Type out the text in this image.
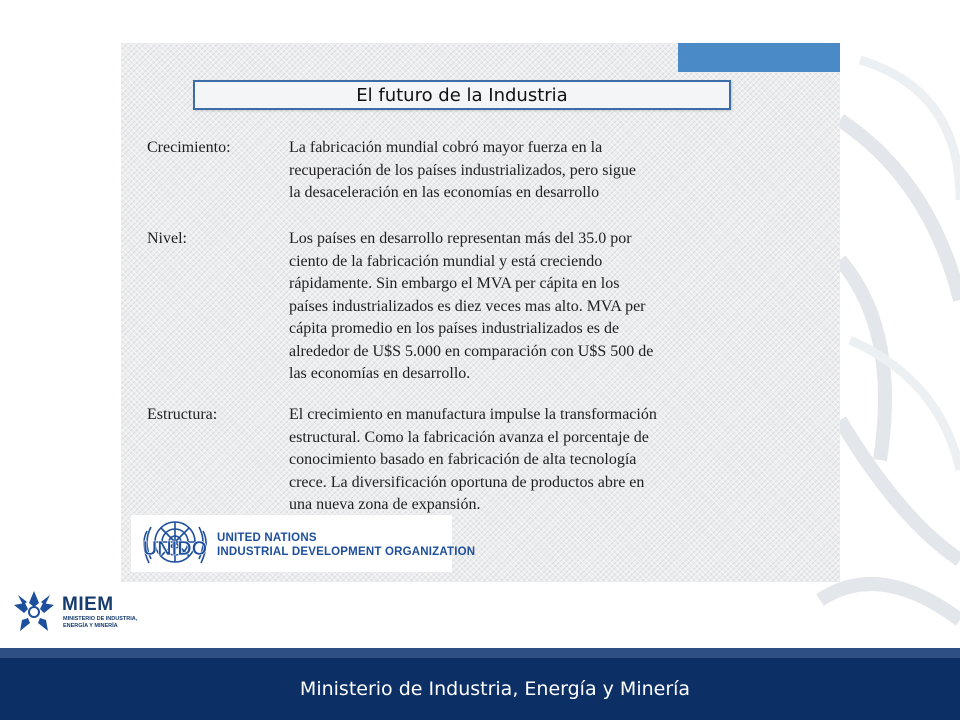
El futuro de la Industria
Crecimiento:	La fabricación mundial cobró mayor fuerza en la
recuperación de los países industrializados, pero sigue
la desaceleración en las economías en desarrollo
Nivel:	Los países en desarrollo representan más del 35.0 por
ciento de la fabricación mundial y está creciendo
rápidamente. Sin embargo el MVA per cápita en los
países industrializados es diez veces mas alto. MVA per
cápita promedio en los países industrializados es de
alrededor de U$S 5.000 en comparación con U$S 500 de
las economías en desarrollo.
Estructura:	El crecimiento en manufactura impulse la transformación
estructural. Como la fabricación avanza el porcentaje de
conocimiento basado en fabricación de alta tecnología
crece. La diversificación oportuna de productos abre en
una nueva zona de expansión.
UNIDO UNITED NATIONS
INDUSTRIAL DEVELOPMENT ORGANIZATION
MIEM
MINISTERIO DE INDUSTRIA,
ENERGÍA Y MINERÍA
Ministerio de Industria, Energía y Minería
